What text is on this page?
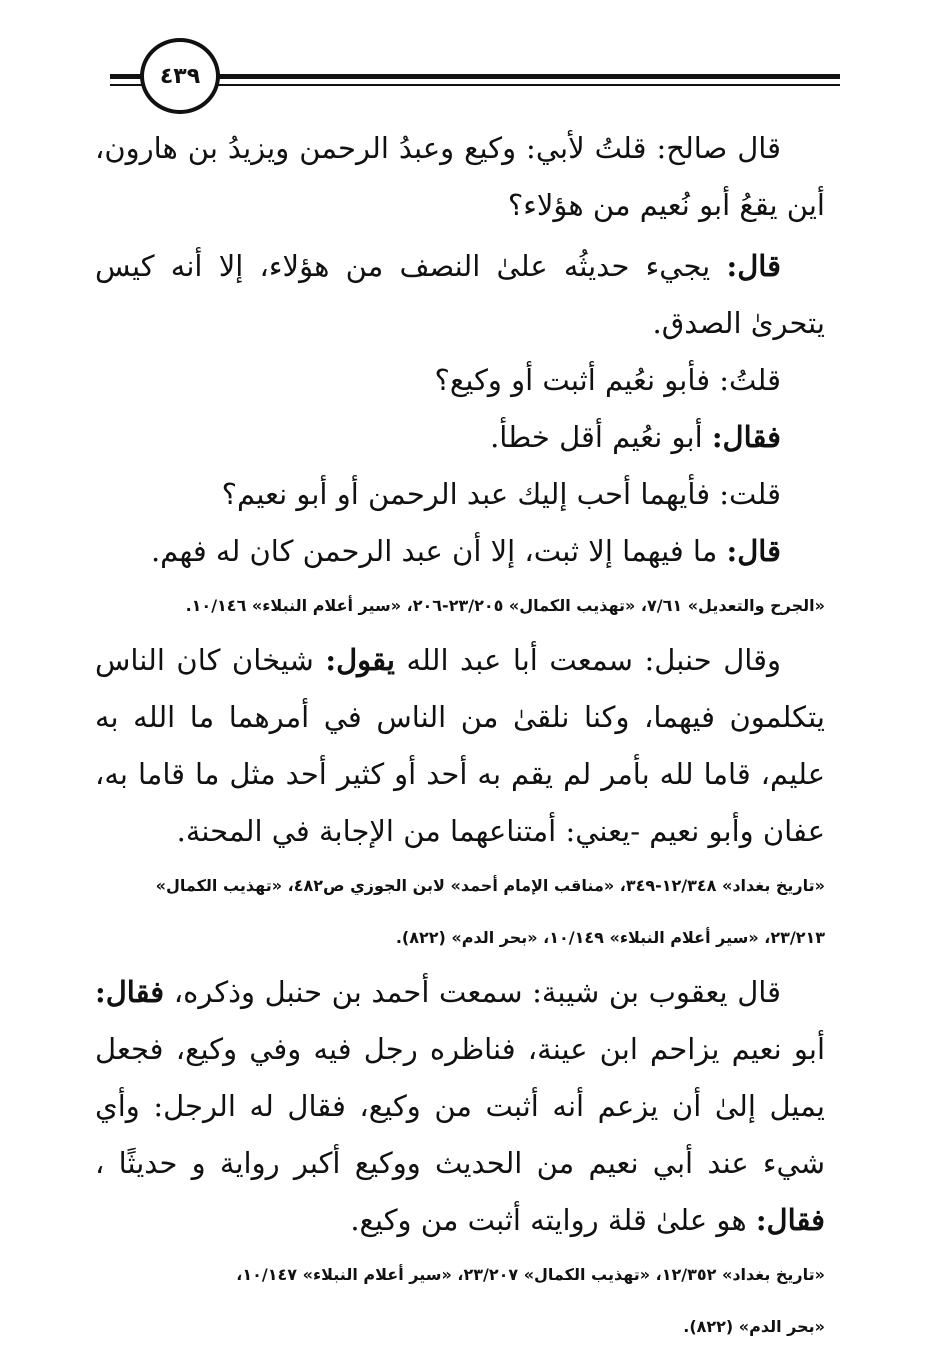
٤٣٩

قال صالح: قلتُ لأبي: وكيع وعبدُ الرحمن ويزيدُ بن هارون، أين يقعُ أبو نُعيم من هؤلاء؟

قال: يجيء حديثُه علىٰ النصف من هؤلاء، إلا أنه كيس يتحرىٰ الصدق.

قلتُ: فأبو نعُيم أثبت أو وكيع؟

فقال: أبو نعُيم أقل خطأ.

قلت: فأيهما أحب إليك عبد الرحمن أو أبو نعيم؟

قال: ما فيهما إلا ثبت، إلا أن عبد الرحمن كان له فهم.

«الجرح والتعديل» ٧/٦١، «تهذيب الكمال» ٢٣/٢٠٥-٢٠٦، «سير أعلام النبلاء» ١٠/١٤٦.

وقال حنبل: سمعت أبا عبد الله يقول: شيخان كان الناس يتكلمون فيهما، وكنا نلقىٰ من الناس في أمرهما ما الله به عليم، قاما لله بأمر لم يقم به أحد أو كثير أحد مثل ما قاما به، عفان وأبو نعيم -يعني: أمتناعهما من الإجابة في المحنة.

«تاريخ بغداد» ١٢/٣٤٨-٣٤٩، «مناقب الإمام أحمد» لابن الجوزي ص٤٨٢، «تهذيب الكمال»

٢٣/٢١٣، «سير أعلام النبلاء» ١٠/١٤٩، «بحر الدم» (٨٢٢).

قال يعقوب بن شيبة: سمعت أحمد بن حنبل وذكره، فقال: أبو نعيم يزاحم ابن عينة، فناظره رجل فيه وفي وكيع، فجعل يميل إلىٰ أن يزعم أنه أثبت من وكيع، فقال له الرجل: وأي شيء عند أبي نعيم من الحديث ووكيع أكبر رواية و حديثًا ، فقال: هو علىٰ قلة روايته أثبت من وكيع.

«تاريخ بغداد» ١٢/٣٥٢، «تهذيب الكمال» ٢٣/٢٠٧، «سير أعلام النبلاء» ١٠/١٤٧،

«بحر الدم» (٨٢٢).
